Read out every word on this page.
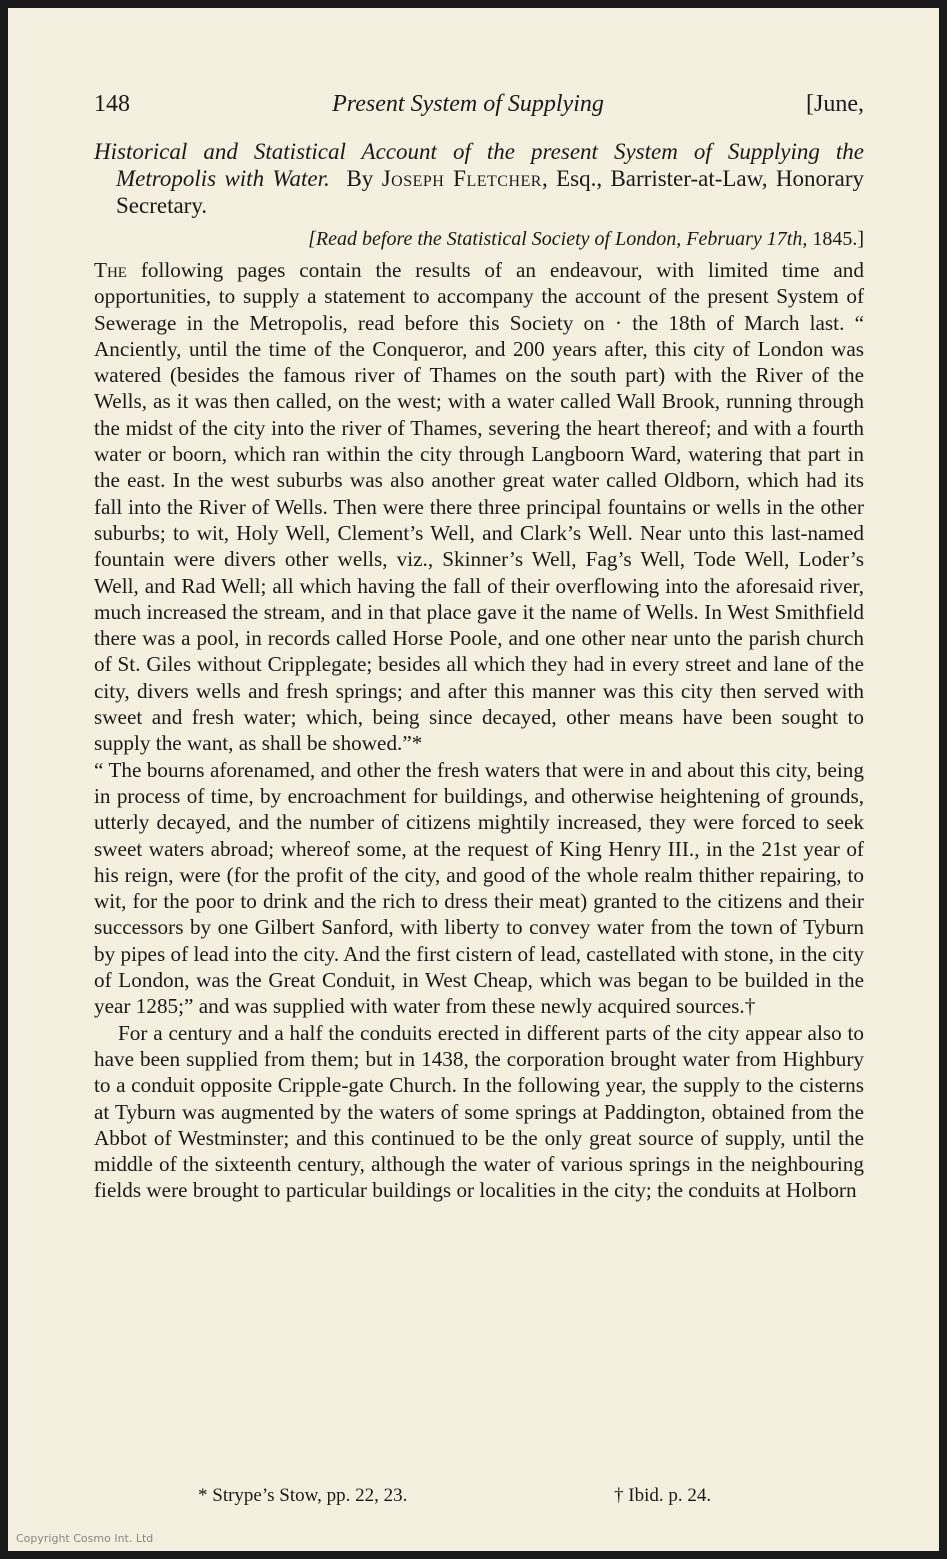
148	Present System of Supplying	[June,

Historical and Statistical Account of the present System of Supplying the Metropolis with Water. By Joseph Fletcher, Esq., Barrister-at-Law, Honorary Secretary.

[Read before the Statistical Society of London, February 17th, 1845.]

The following pages contain the results of an endeavour, with limited time and opportunities, to supply a statement to accompany the account of the present System of Sewerage in the Metropolis, read before this Society on · the 18th of March last. “ Anciently, until the time of the Conqueror, and 200 years after, this city of London was watered (besides the famous river of Thames on the south part) with the River of the Wells, as it was then called, on the west; with a water called Wall Brook, running through the midst of the city into the river of Thames, severing the heart thereof; and with a fourth water or boorn, which ran within the city through Langboorn Ward, watering that part in the east. In the west suburbs was also another great water called Oldborn, which had its fall into the River of Wells. Then were there three principal fountains or wells in the other suburbs; to wit, Holy Well, Clement’s Well, and Clark’s Well. Near unto this last-named fountain were divers other wells, viz., Skinner’s Well, Fag’s Well, Tode Well, Loder’s Well, and Rad Well; all which having the fall of their overflowing into the aforesaid river, much increased the stream, and in that place gave it the name of Wells. In West Smithfield there was a pool, in records called Horse Poole, and one other near unto the parish church of St. Giles without Cripplegate; besides all which they had in every street and lane of the city, divers wells and fresh springs; and after this manner was this city then served with sweet and fresh water; which, being since decayed, other means have been sought to supply the want, as shall be showed.”*

“ The bourns aforenamed, and other the fresh waters that were in and about this city, being in process of time, by encroachment for buildings, and otherwise heightening of grounds, utterly decayed, and the number of citizens mightily increased, they were forced to seek sweet waters abroad; whereof some, at the request of King Henry III., in the 21st year of his reign, were (for the profit of the city, and good of the whole realm thither repairing, to wit, for the poor to drink and the rich to dress their meat) granted to the citizens and their successors by one Gilbert Sanford, with liberty to convey water from the town of Tyburn by pipes of lead into the city. And the first cistern of lead, castellated with stone, in the city of London, was the Great Conduit, in West Cheap, which was began to be builded in the year 1285;” and was supplied with water from these newly acquired sources.†

For a century and a half the conduits erected in different parts of the city appear also to have been supplied from them; but in 1438, the corporation brought water from Highbury to a conduit opposite Cripple-gate Church. In the following year, the supply to the cisterns at Tyburn was augmented by the waters of some springs at Paddington, obtained from the Abbot of Westminster; and this continued to be the only great source of supply, until the middle of the sixteenth century, although the water of various springs in the neighbouring fields were brought to particular buildings or localities in the city; the conduits at Holborn

* Strype’s Stow, pp. 22, 23.	† Ibid. p. 24.
Copyright Cosmo Int. Ltd
